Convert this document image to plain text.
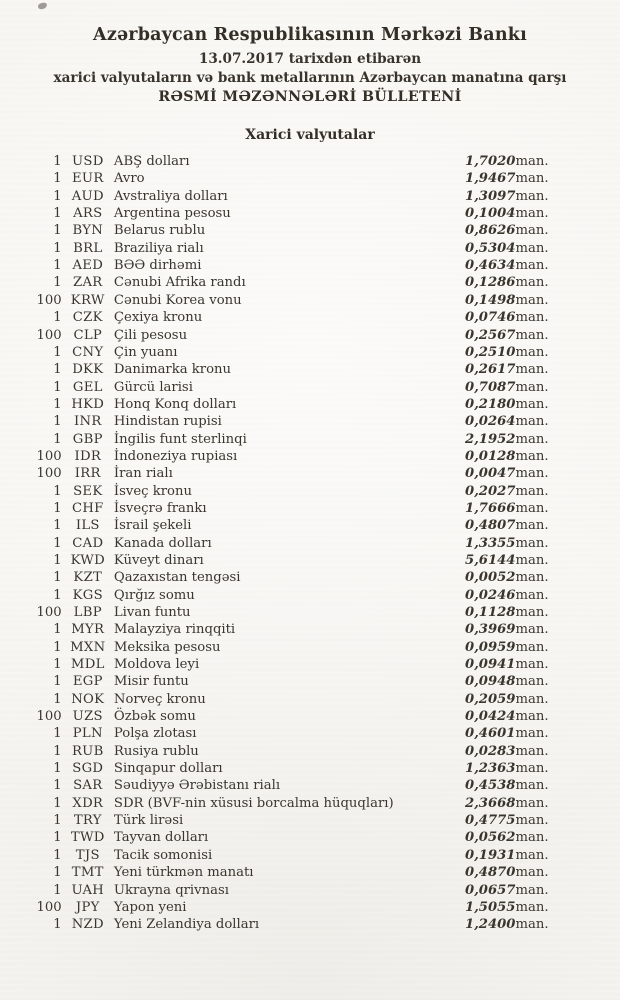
Azərbaycan Respublikasının Mərkəzi Bankı
13.07.2017 tarixdən etibarən
xarici valyutaların və bank metallarının Azərbaycan manatına qarşı
RƏSMİ MƏZƏNNƏLƏRİ BÜLLETENİ
Xarici valyutalar
1	USD	ABŞ dolları	1,7020	man.
1	EUR	Avro	1,9467	man.
1	AUD	Avstraliya dolları	1,3097	man.
1	ARS	Argentina pesosu	0,1004	man.
1	BYN	Belarus rublu	0,8626	man.
1	BRL	Braziliya rialı	0,5304	man.
1	AED	BƏƏ dirhəmi	0,4634	man.
1	ZAR	Cənubi Afrika randı	0,1286	man.
100	KRW	Cənubi Korea vonu	0,1498	man.
1	CZK	Çexiya kronu	0,0746	man.
100	CLP	Çili pesosu	0,2567	man.
1	CNY	Çin yuanı	0,2510	man.
1	DKK	Danimarka kronu	0,2617	man.
1	GEL	Gürcü larisi	0,7087	man.
1	HKD	Honq Konq dolları	0,2180	man.
1	INR	Hindistan rupisi	0,0264	man.
1	GBP	İngilis funt sterlinqi	2,1952	man.
100	IDR	İndoneziya rupiası	0,0128	man.
100	IRR	İran rialı	0,0047	man.
1	SEK	İsveç kronu	0,2027	man.
1	CHF	İsveçrə frankı	1,7666	man.
1	ILS	İsrail şekeli	0,4807	man.
1	CAD	Kanada dolları	1,3355	man.
1	KWD	Küveyt dinarı	5,6144	man.
1	KZT	Qazaxıstan tengəsi	0,0052	man.
1	KGS	Qırğız somu	0,0246	man.
100	LBP	Livan funtu	0,1128	man.
1	MYR	Malayziya rinqqiti	0,3969	man.
1	MXN	Meksika pesosu	0,0959	man.
1	MDL	Moldova leyi	0,0941	man.
1	EGP	Misir funtu	0,0948	man.
1	NOK	Norveç kronu	0,2059	man.
100	UZS	Özbək somu	0,0424	man.
1	PLN	Polşa zlotası	0,4601	man.
1	RUB	Rusiya rublu	0,0283	man.
1	SGD	Sinqapur dolları	1,2363	man.
1	SAR	Səudiyyə Ərəbistanı rialı	0,4538	man.
1	XDR	SDR (BVF-nin xüsusi borcalma hüquqları)	2,3668	man.
1	TRY	Türk lirəsi	0,4775	man.
1	TWD	Tayvan dolları	0,0562	man.
1	TJS	Tacik somonisi	0,1931	man.
1	TMT	Yeni türkmən manatı	0,4870	man.
1	UAH	Ukrayna qrivnası	0,0657	man.
100	JPY	Yapon yeni	1,5055	man.
1	NZD	Yeni Zelandiya dolları	1,2400	man.
